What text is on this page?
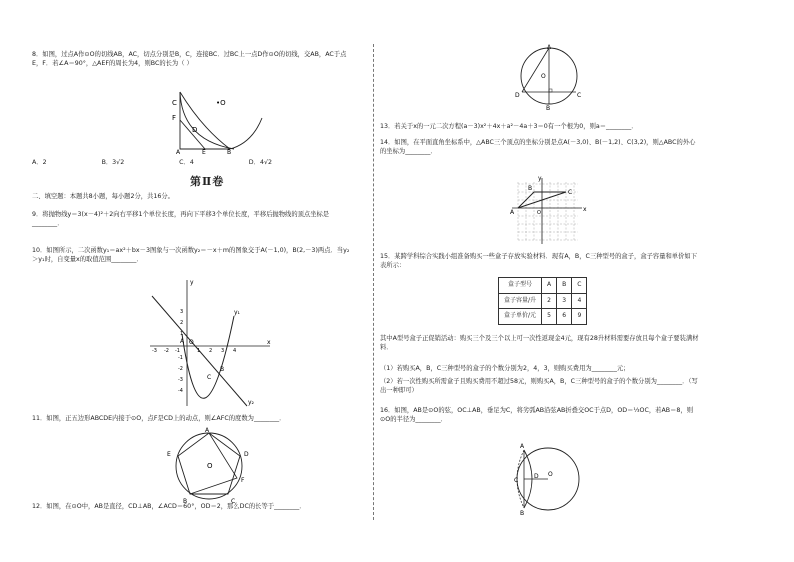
8．如图，过点A作⊙O的切线AB，AC，切点分别是B，C，连接BC．过BC上一点D作⊙O的切线，交AB，AC于点E，F．若∠A＝90°，△AEF的周长为4，则BC的长为（ ）
C	•O
F
D
A	E	B
A．2	B．3√2	C．4	D．4√2
第Ⅱ卷
二、填空题：本题共8小题，每小题2分，共16分。
9．将抛物线y＝3(x－4)²＋2向右平移1个单位长度，再向下平移3个单位长度，平移后抛物线的顶点坐标是________．
10．如图所示，二次函数y₁＝ax²＋bx－3图象与一次函数y₂＝－x＋m的图象交于A(－1,0)，B(2,－3)两点．当y₂＞y₁时，自变量x的取值范围________．
y
x
O
A
B
C
y₁
y₂
-3 -2 -1	1 2 3 4
3
2
1
-1
-2
-3
-4
11．如图，正五边形ABCDE内接于⊙O，点F是CD上的动点，则∠AFC的度数为________．
A
E
B	C
D
O
F
12．如图，在⊙O中，AB是直径，CD⊥AB，∠ACD＝60°，OD＝2，那么DC的长等于________．
A
O
D	C
B
13．若关于x的一元二次方程(a－3)x²＋4x＋a²－4a＋3＝0有一个根为0，则a＝________．
14．如图，在平面直角坐标系中，△ABC三个顶点的坐标分别是点A(－3,0)、B(－1,2)、C(3,2)，则△ABC的外心的坐标为________．
y
B
C
A	O	x
15．某跨学科综合实践小组准备购买一些盒子存放实验材料．现有A，B，C三种型号的盒子，盒子容量和单价如下表所示：
盒子型号	A	B	C
盒子容量/升	2	3	4
盒子单价/元	5	6	9
其中A型号盒子正促销活动：购买三个及三个以上可一次性返现金4元，现有28升材料需要存放且每个盒子要装满材料．
（1）若购买A，B，C三种型号的盒子的个数分别为2，4，3，则购买费用为________元；
（2）若一次性购买所需盒子且购买费用不超过58元，则购买A，B，C三种型号的盒子的个数分别为________．（写出一种即可）
16．如图，AB是⊙O的弦，OC⊥AB，垂足为C，将劣弧AB沿弦AB折叠交OC于点D，OD＝⅓OC，若AB＝8，则⊙O的半径为________．
A
C
D O
B
